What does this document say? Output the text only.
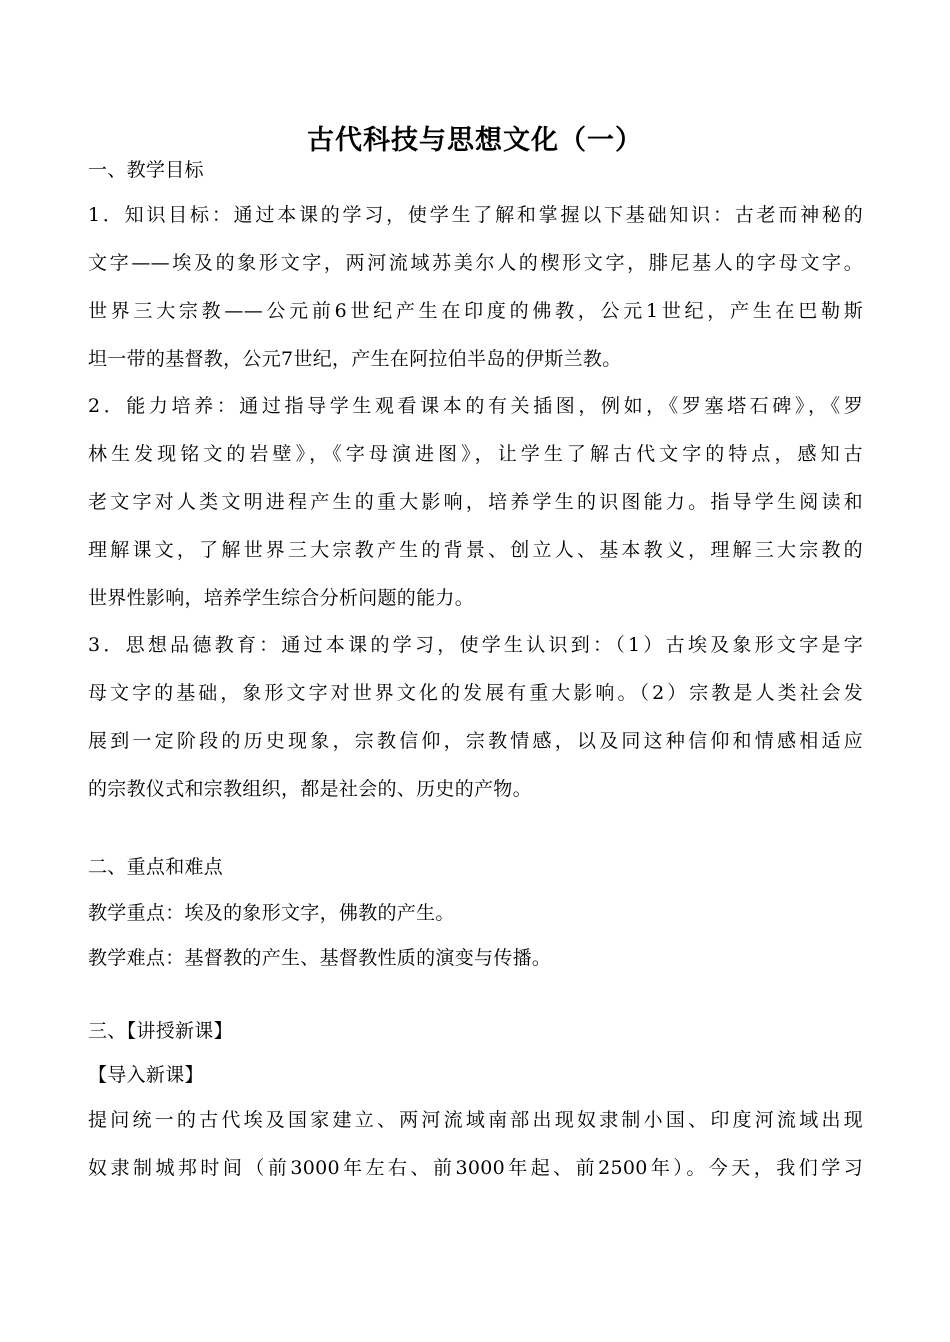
古代科技与思想文化（一）
一、教学目标
1．知识目标：通过本课的学习，使学生了解和掌握以下基础知识：古老而神秘的
文字——埃及的象形文字，两河流域苏美尔人的楔形文字，腓尼基人的字母文字。
世界三大宗教——公元前6世纪产生在印度的佛教，公元1世纪，产生在巴勒斯
坦一带的基督教，公元7世纪，产生在阿拉伯半岛的伊斯兰教。
2．能力培养：通过指导学生观看课本的有关插图，例如，《罗塞塔石碑》，《罗
林生发现铭文的岩壁》，《字母演进图》，让学生了解古代文字的特点，感知古
老文字对人类文明进程产生的重大影响，培养学生的识图能力。指导学生阅读和
理解课文，了解世界三大宗教产生的背景、创立人、基本教义，理解三大宗教的
世界性影响，培养学生综合分析问题的能力。
3．思想品德教育：通过本课的学习，使学生认识到：（1）古埃及象形文字是字
母文字的基础，象形文字对世界文化的发展有重大影响。（2）宗教是人类社会发
展到一定阶段的历史现象，宗教信仰，宗教情感，以及同这种信仰和情感相适应
的宗教仪式和宗教组织，都是社会的、历史的产物。
二、重点和难点
教学重点：埃及的象形文字，佛教的产生。
教学难点：基督教的产生、基督教性质的演变与传播。
三、【讲授新课】
【导入新课】
提问统一的古代埃及国家建立、两河流域南部出现奴隶制小国、印度河流域出现
奴隶制城邦时间（前3000年左右、前3000年起、前2500年）。今天，我们学习
